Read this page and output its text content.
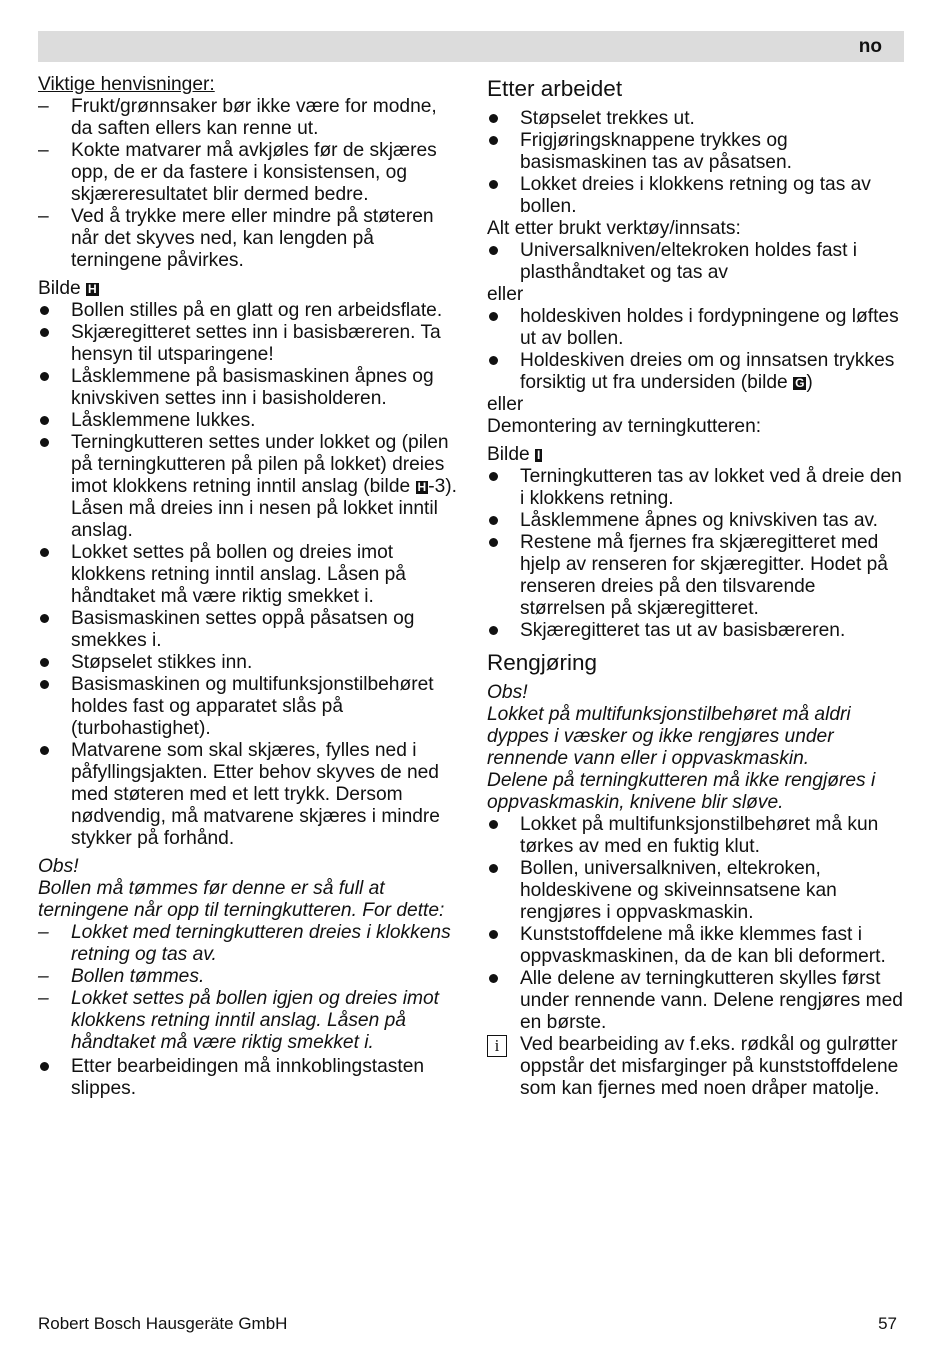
no

Viktige henvisninger:

– Frukt/grønnsaker bør ikke være for modne, da saften ellers kan renne ut.
– Kokte matvarer må avkjøles før de skjæres opp, de er da fastere i konsistensen, og skjæreresultatet blir dermed bedre.
– Ved å trykke mere eller mindre på støteren når det skyves ned, kan lengden på terningene påvirkes.

Bilde H

Bollen stilles på en glatt og ren arbeidsflate.
Skjæregitteret settes inn i basisbæreren. Ta hensyn til utsparingene!
Låsklemmene på basismaskinen åpnes og knivskiven settes inn i basisholderen.
Låsklemmene lukkes.
Terningkutteren settes under lokket og (pilen på terningkutteren på pilen på lokket) dreies imot klokkens retning inntil anslag (bilde H -3). Låsen må dreies inn i nesen på lokket inntil anslag.
Lokket settes på bollen og dreies imot klokkens retning inntil anslag. Låsen på håndtaket må være riktig smekket i.
Basismaskinen settes oppå påsatsen og smekkes i.
Støpselet stikkes inn.
Basismaskinen og multifunksjonstilbehøret holdes fast og apparatet slås på (turbohastighet).
Matvarene som skal skjæres, fylles ned i påfyllingsjakten. Etter behov skyves de ned med støteren med et lett trykk. Dersom nødvendig, må matvarene skjæres i mindre stykker på forhånd.

Obs!

Bollen må tømmes før denne er så full at terningene når opp til terningkutteren. For dette:

– Lokket med terningkutteren dreies i klokkens retning og tas av.
– Bollen tømmes.
– Lokket settes på bollen igjen og dreies imot klokkens retning inntil anslag. Låsen på håndtaket må være riktig smekket i.
Etter bearbeidingen må innkoblingstasten slippes.

Etter arbeidet

Støpselet trekkes ut.
Frigjøringsknappene trykkes og basismaskinen tas av påsatsen.
Lokket dreies i klokkens retning og tas av bollen.

Alt etter brukt verktøy/innsats:

Universalkniven/eltekroken holdes fast i plasthåndtaket og tas av

eller

holdeskiven holdes i fordypningene og løftes ut av bollen.
Holdeskiven dreies om og innsatsen trykkes forsiktig ut fra undersiden (bilde G )

eller

Demontering av terningkutteren:

Bilde I

Terningkutteren tas av lokket ved å dreie den i klokkens retning.
Låsklemmene åpnes og knivskiven tas av.
Restene må fjernes fra skjæregitteret med hjelp av renseren for skjæregitter. Hodet på renseren dreies på den tilsvarende størrelsen på skjæregitteret.
Skjæregitteret tas ut av basisbæreren.

Rengjøring

Obs!

Lokket på multifunksjonstilbehøret må aldri dyppes i væsker og ikke rengjøres under rennende vann eller i oppvaskmaskin.

Delene på terningkutteren må ikke rengjøres i oppvaskmaskin, knivene blir sløve.

Lokket på multifunksjonstilbehøret må kun tørkes av med en fuktig klut.
Bollen, universalkniven, eltekroken, holdeskivene og skiveinnsatsene kan rengjøres i oppvaskmaskin.
Kunststoffdelene må ikke klemmes fast i oppvaskmaskinen, da de kan bli deformert.
Alle delene av terningkutteren skylles først under rennende vann. Delene rengjøres med en børste.
i	Ved bearbeiding av f.eks. rødkål og gulrøtter oppstår det misfarginger på kunststoffdelene som kan fjernes med noen dråper matolje.
Robert Bosch Hausgeräte GmbH	57
